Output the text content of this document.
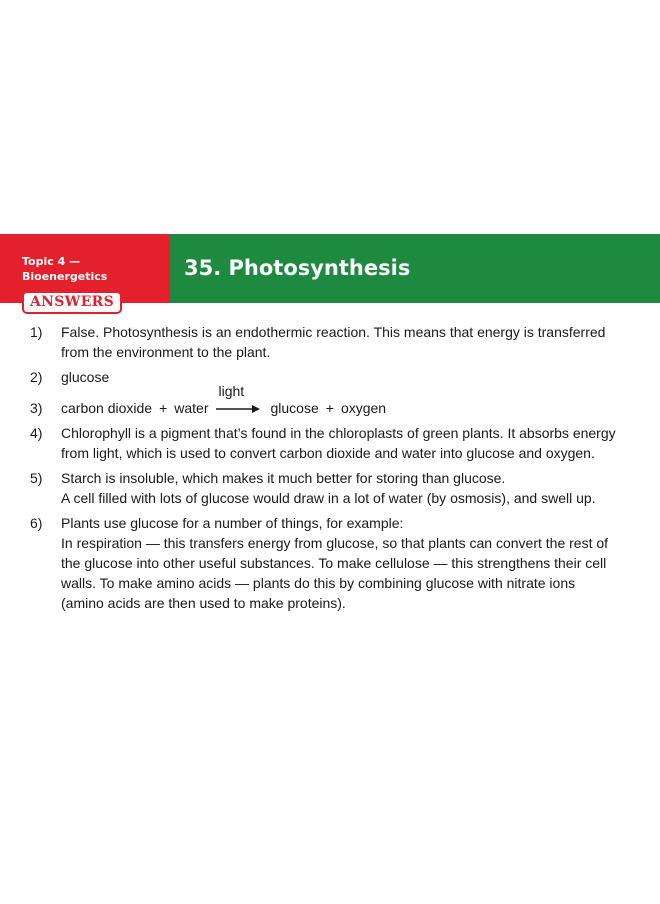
Topic 4 —
Bioenergetics
ANSWERS
35. Photosynthesis
1) False. Photosynthesis is an endothermic reaction. This means that energy is transferred
from the environment to the plant.
2) glucose
3) carbon dioxide + water
light
glucose + oxygen
4) Chlorophyll is a pigment that’s found in the chloroplasts of green plants. It absorbs energy
from light, which is used to convert carbon dioxide and water into glucose and oxygen.
5) Starch is insoluble, which makes it much better for storing than glucose.
A cell filled with lots of glucose would draw in a lot of water (by osmosis), and swell up.
6) Plants use glucose for a number of things, for example:
In respiration — this transfers energy from glucose, so that plants can convert the rest of
the glucose into other useful substances. To make cellulose — this strengthens their cell
walls. To make amino acids — plants do this by combining glucose with nitrate ions
(amino acids are then used to make proteins).
